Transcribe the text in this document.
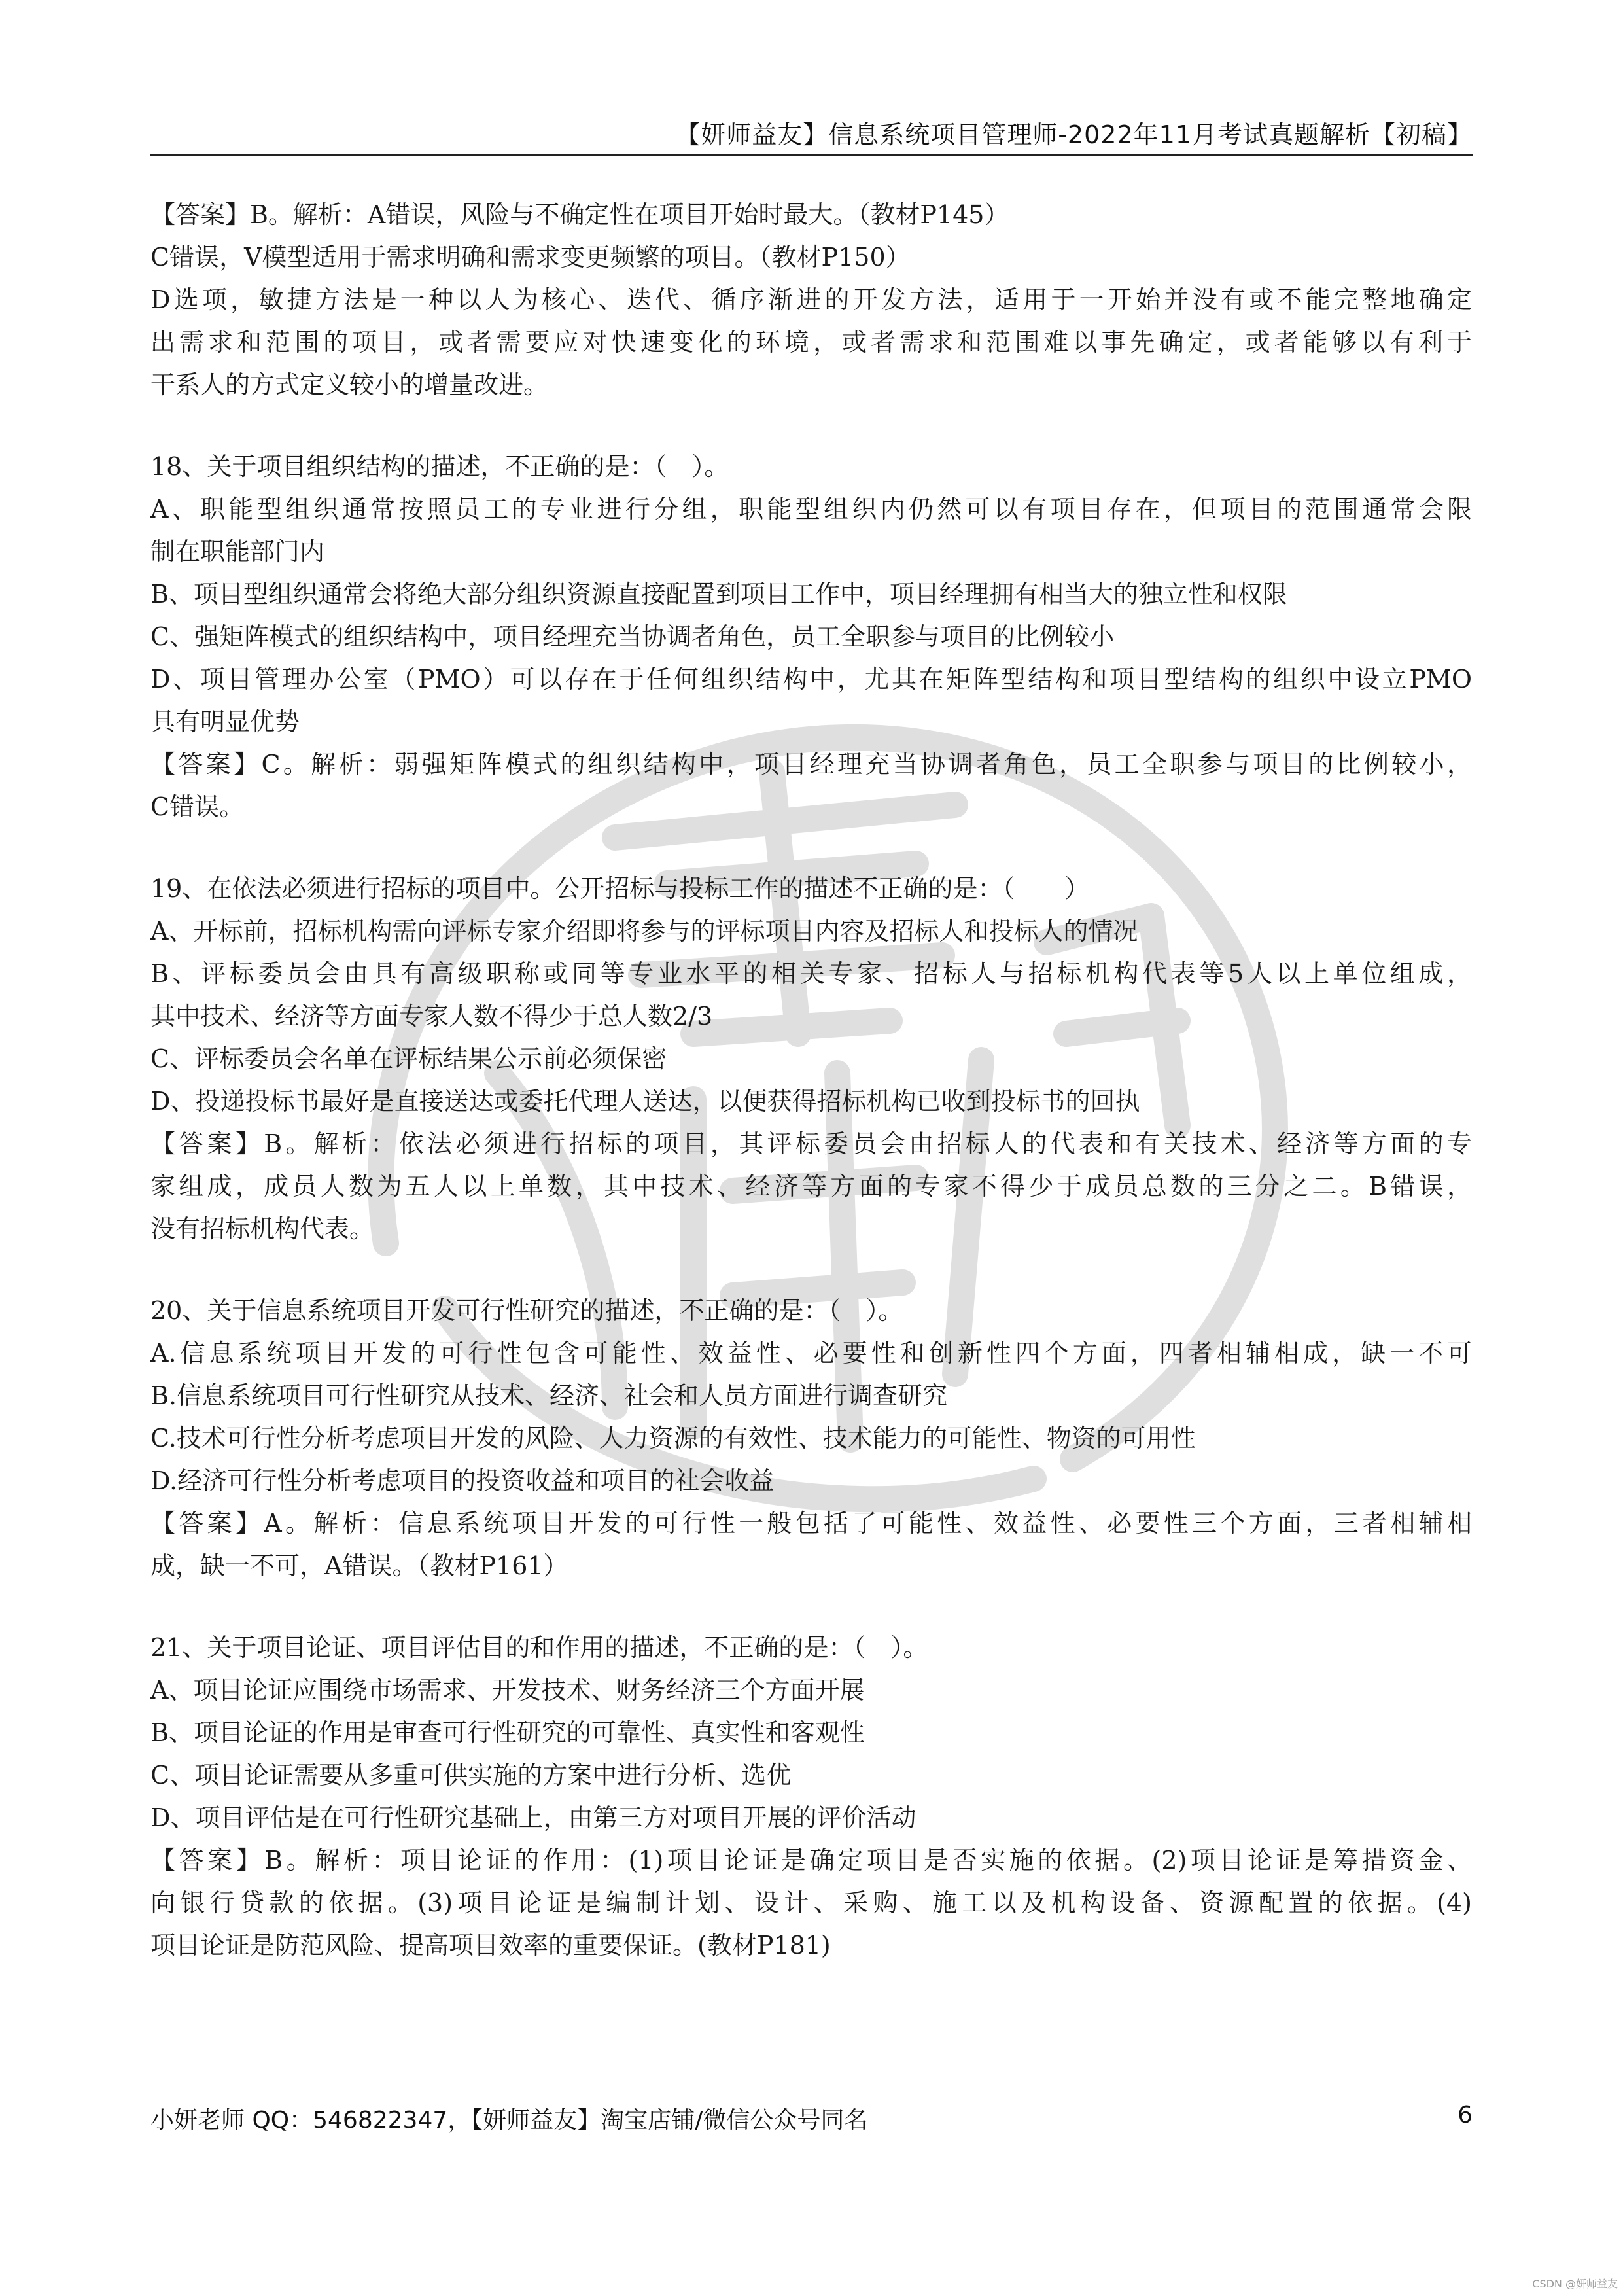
【妍师益友】信息系统项目管理师-2022年11月考试真题解析【初稿】
【答案】B。解析：A错误，风险与不确定性在项目开始时最大。（教材P145）
C错误，V模型适用于需求明确和需求变更频繁的项目。（教材P150）
D选项，敏捷方法是一种以人为核心、迭代、循序渐进的开发方法，适用于一开始并没有或不能完整地确定
出需求和范围的项目，或者需要应对快速变化的环境，或者需求和范围难以事先确定，或者能够以有利于
干系人的方式定义较小的增量改进。
18、关于项目组织结构的描述，不正确的是：（　）。
A、职能型组织通常按照员工的专业进行分组，职能型组织内仍然可以有项目存在，但项目的范围通常会限
制在职能部门内
B、项目型组织通常会将绝大部分组织资源直接配置到项目工作中，项目经理拥有相当大的独立性和权限
C、强矩阵模式的组织结构中，项目经理充当协调者角色，员工全职参与项目的比例较小
D、项目管理办公室（PMO）可以存在于任何组织结构中，尤其在矩阵型结构和项目型结构的组织中设立PMO
具有明显优势
【答案】C。解析：弱强矩阵模式的组织结构中，项目经理充当协调者角色，员工全职参与项目的比例较小，
C错误。
19、在依法必须进行招标的项目中。公开招标与投标工作的描述不正确的是：（　　）
A、开标前，招标机构需向评标专家介绍即将参与的评标项目内容及招标人和投标人的情况
B、评标委员会由具有高级职称或同等专业水平的相关专家、招标人与招标机构代表等5人以上单位组成，
其中技术、经济等方面专家人数不得少于总人数2/3
C、评标委员会名单在评标结果公示前必须保密
D、投递投标书最好是直接送达或委托代理人送达，以便获得招标机构已收到投标书的回执
【答案】B。解析：依法必须进行招标的项目，其评标委员会由招标人的代表和有关技术、经济等方面的专
家组成，成员人数为五人以上单数，其中技术、经济等方面的专家不得少于成员总数的三分之二。B错误，
没有招标机构代表。
20、关于信息系统项目开发可行性研究的描述，不正确的是：（　）。
A.信息系统项目开发的可行性包含可能性、效益性、必要性和创新性四个方面，四者相辅相成，缺一不可
B.信息系统项目可行性研究从技术、经济、社会和人员方面进行调查研究
C.技术可行性分析考虑项目开发的风险、人力资源的有效性、技术能力的可能性、物资的可用性
D.经济可行性分析考虑项目的投资收益和项目的社会收益
【答案】A。解析：信息系统项目开发的可行性一般包括了可能性、效益性、必要性三个方面，三者相辅相
成，缺一不可，A错误。（教材P161）
21、关于项目论证、项目评估目的和作用的描述，不正确的是：（　）。
A、项目论证应围绕市场需求、开发技术、财务经济三个方面开展
B、项目论证的作用是审查可行性研究的可靠性、真实性和客观性
C、项目论证需要从多重可供实施的方案中进行分析、选优
D、项目评估是在可行性研究基础上，由第三方对项目开展的评价活动
【答案】B。解析：项目论证的作用：(1)项目论证是确定项目是否实施的依据。(2)项目论证是筹措资金、
向银行贷款的依据。(3)项目论证是编制计划、设计、采购、施工以及机构设备、资源配置的依据。(4)
项目论证是防范风险、提高项目效率的重要保证。(教材P181)
小妍老师 QQ：546822347，【妍师益友】淘宝店铺/微信公众号同名	6
CSDN @妍师益友
